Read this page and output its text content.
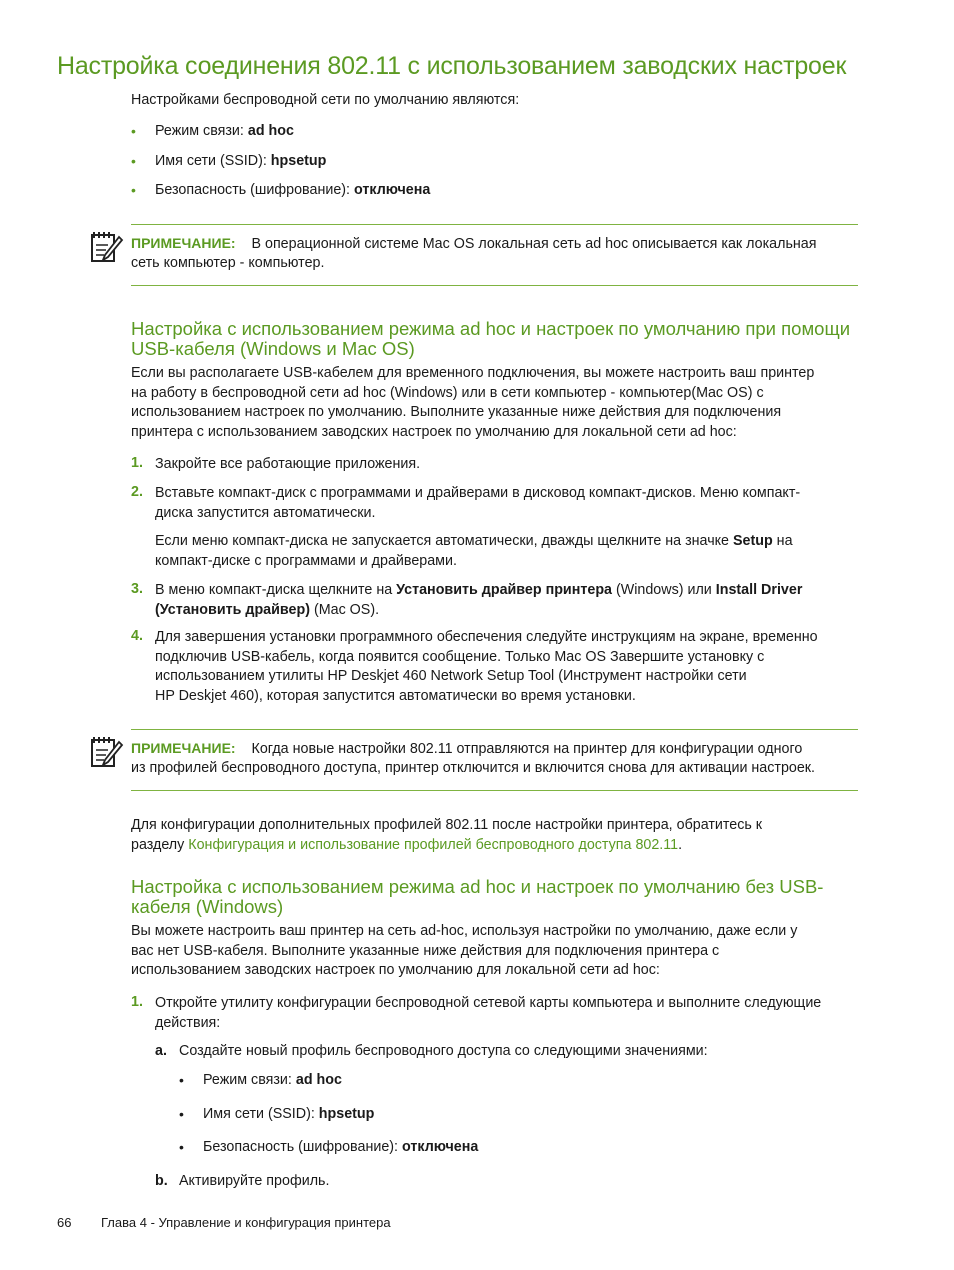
Настройка соединения 802.11 с использованием заводских настроек
Настройками беспроводной сети по умолчанию являются:
• Режим связи: ad hoc
• Имя сети (SSID): hpsetup
• Безопасность (шифрование): отключена
ПРИМЕЧАНИЕ: В операционной системе Mac OS локальная сеть ad hoc описывается как локальная
сеть компьютер - компьютер.
Настройка с использованием режима ad hoc и настроек по умолчанию при помощи
USB-кабеля (Windows и Mac OS)
Если вы располагаете USB-кабелем для временного подключения, вы можете настроить ваш принтер
на работу в беспроводной сети ad hoc (Windows) или в сети компьютер - компьютер(Mac OS) с
использованием настроек по умолчанию. Выполните указанные ниже действия для подключения
принтера с использованием заводских настроек по умолчанию для локальной сети ad hoc:
1. Закройте все работающие приложения.
2. Вставьте компакт-диск с программами и драйверами в дисковод компакт-дисков. Меню компакт-
диска запустится автоматически.
Если меню компакт-диска не запускается автоматически, дважды щелкните на значке Setup на
компакт-диске с программами и драйверами.
3. В меню компакт-диска щелкните на Установить драйвер принтера (Windows) или Install Driver
(Установить драйвер) (Mac OS).
4. Для завершения установки программного обеспечения следуйте инструкциям на экране, временно
подключив USB-кабель, когда появится сообщение. Только Mac OS Завершите установку с
использованием утилиты HP Deskjet 460 Network Setup Tool (Инструмент настройки сети
HP Deskjet 460), которая запустится автоматически во время установки.
ПРИМЕЧАНИЕ: Когда новые настройки 802.11 отправляются на принтер для конфигурации одного
из профилей беспроводного доступа, принтер отключится и включится снова для активации настроек.
Для конфигурации дополнительных профилей 802.11 после настройки принтера, обратитесь к
разделу Конфигурация и использование профилей беспроводного доступа 802.11.
Настройка с использованием режима ad hoc и настроек по умолчанию без USB-
кабеля (Windows)
Вы можете настроить ваш принтер на сеть ad-hoc, используя настройки по умолчанию, даже если у
вас нет USB-кабеля. Выполните указанные ниже действия для подключения принтера с
использованием заводских настроек по умолчанию для локальной сети ad hoc:
1. Откройте утилиту конфигурации беспроводной сетевой карты компьютера и выполните следующие
действия:
a. Создайте новый профиль беспроводного доступа со следующими значениями:
• Режим связи: ad hoc
• Имя сети (SSID): hpsetup
• Безопасность (шифрование): отключена
b. Активируйте профиль.
66 Глава 4 - Управление и конфигурация принтера
